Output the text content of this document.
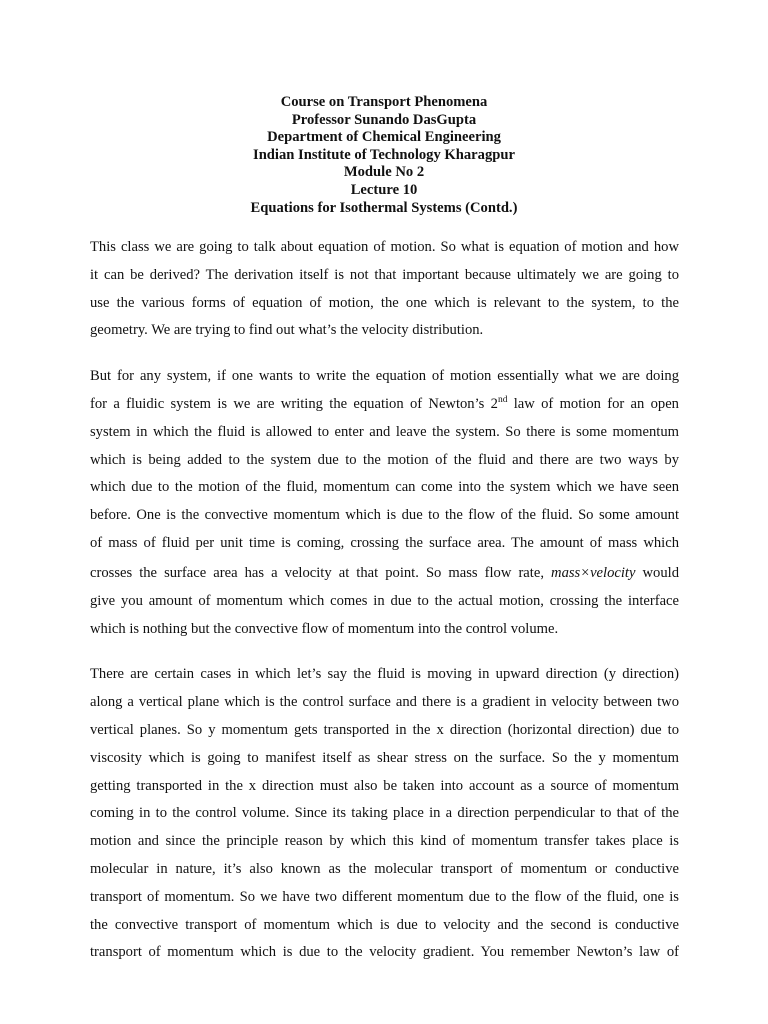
Course on Transport Phenomena
Professor Sunando DasGupta
Department of Chemical Engineering
Indian Institute of Technology Kharagpur
Module No 2
Lecture 10
Equations for Isothermal Systems (Contd.)
This class we are going to talk about equation of motion. So what is equation of motion and how
it can be derived? The derivation itself is not that important because ultimately we are going to
use the various forms of equation of motion, the one which is relevant to the system, to the
geometry. We are trying to find out what’s the velocity distribution.
But for any system, if one wants to write the equation of motion essentially what we are doing
for a fluidic system is we are writing the equation of Newton’s 2nd law of motion for an open
system in which the fluid is allowed to enter and leave the system. So there is some momentum
which is being added to the system due to the motion of the fluid and there are two ways by
which due to the motion of the fluid, momentum can come into the system which we have seen
before. One is the convective momentum which is due to the flow of the fluid. So some amount
of mass of fluid per unit time is coming, crossing the surface area. The amount of mass which
crosses the surface area has a velocity at that point. So mass flow rate, mass×velocity would
give you amount of momentum which comes in due to the actual motion, crossing the interface
which is nothing but the convective flow of momentum into the control volume.
There are certain cases in which let’s say the fluid is moving in upward direction (y direction)
along a vertical plane which is the control surface and there is a gradient in velocity between two
vertical planes. So y momentum gets transported in the x direction (horizontal direction) due to
viscosity which is going to manifest itself as shear stress on the surface. So the y momentum
getting transported in the x direction must also be taken into account as a source of momentum
coming in to the control volume. Since its taking place in a direction perpendicular to that of the
motion and since the principle reason by which this kind of momentum transfer takes place is
molecular in nature, it’s also known as the molecular transport of momentum or conductive
transport of momentum. So we have two different momentum due to the flow of the fluid, one is
the convective transport of momentum which is due to velocity and the second is conductive
transport of momentum which is due to the velocity gradient. You remember Newton’s law of
